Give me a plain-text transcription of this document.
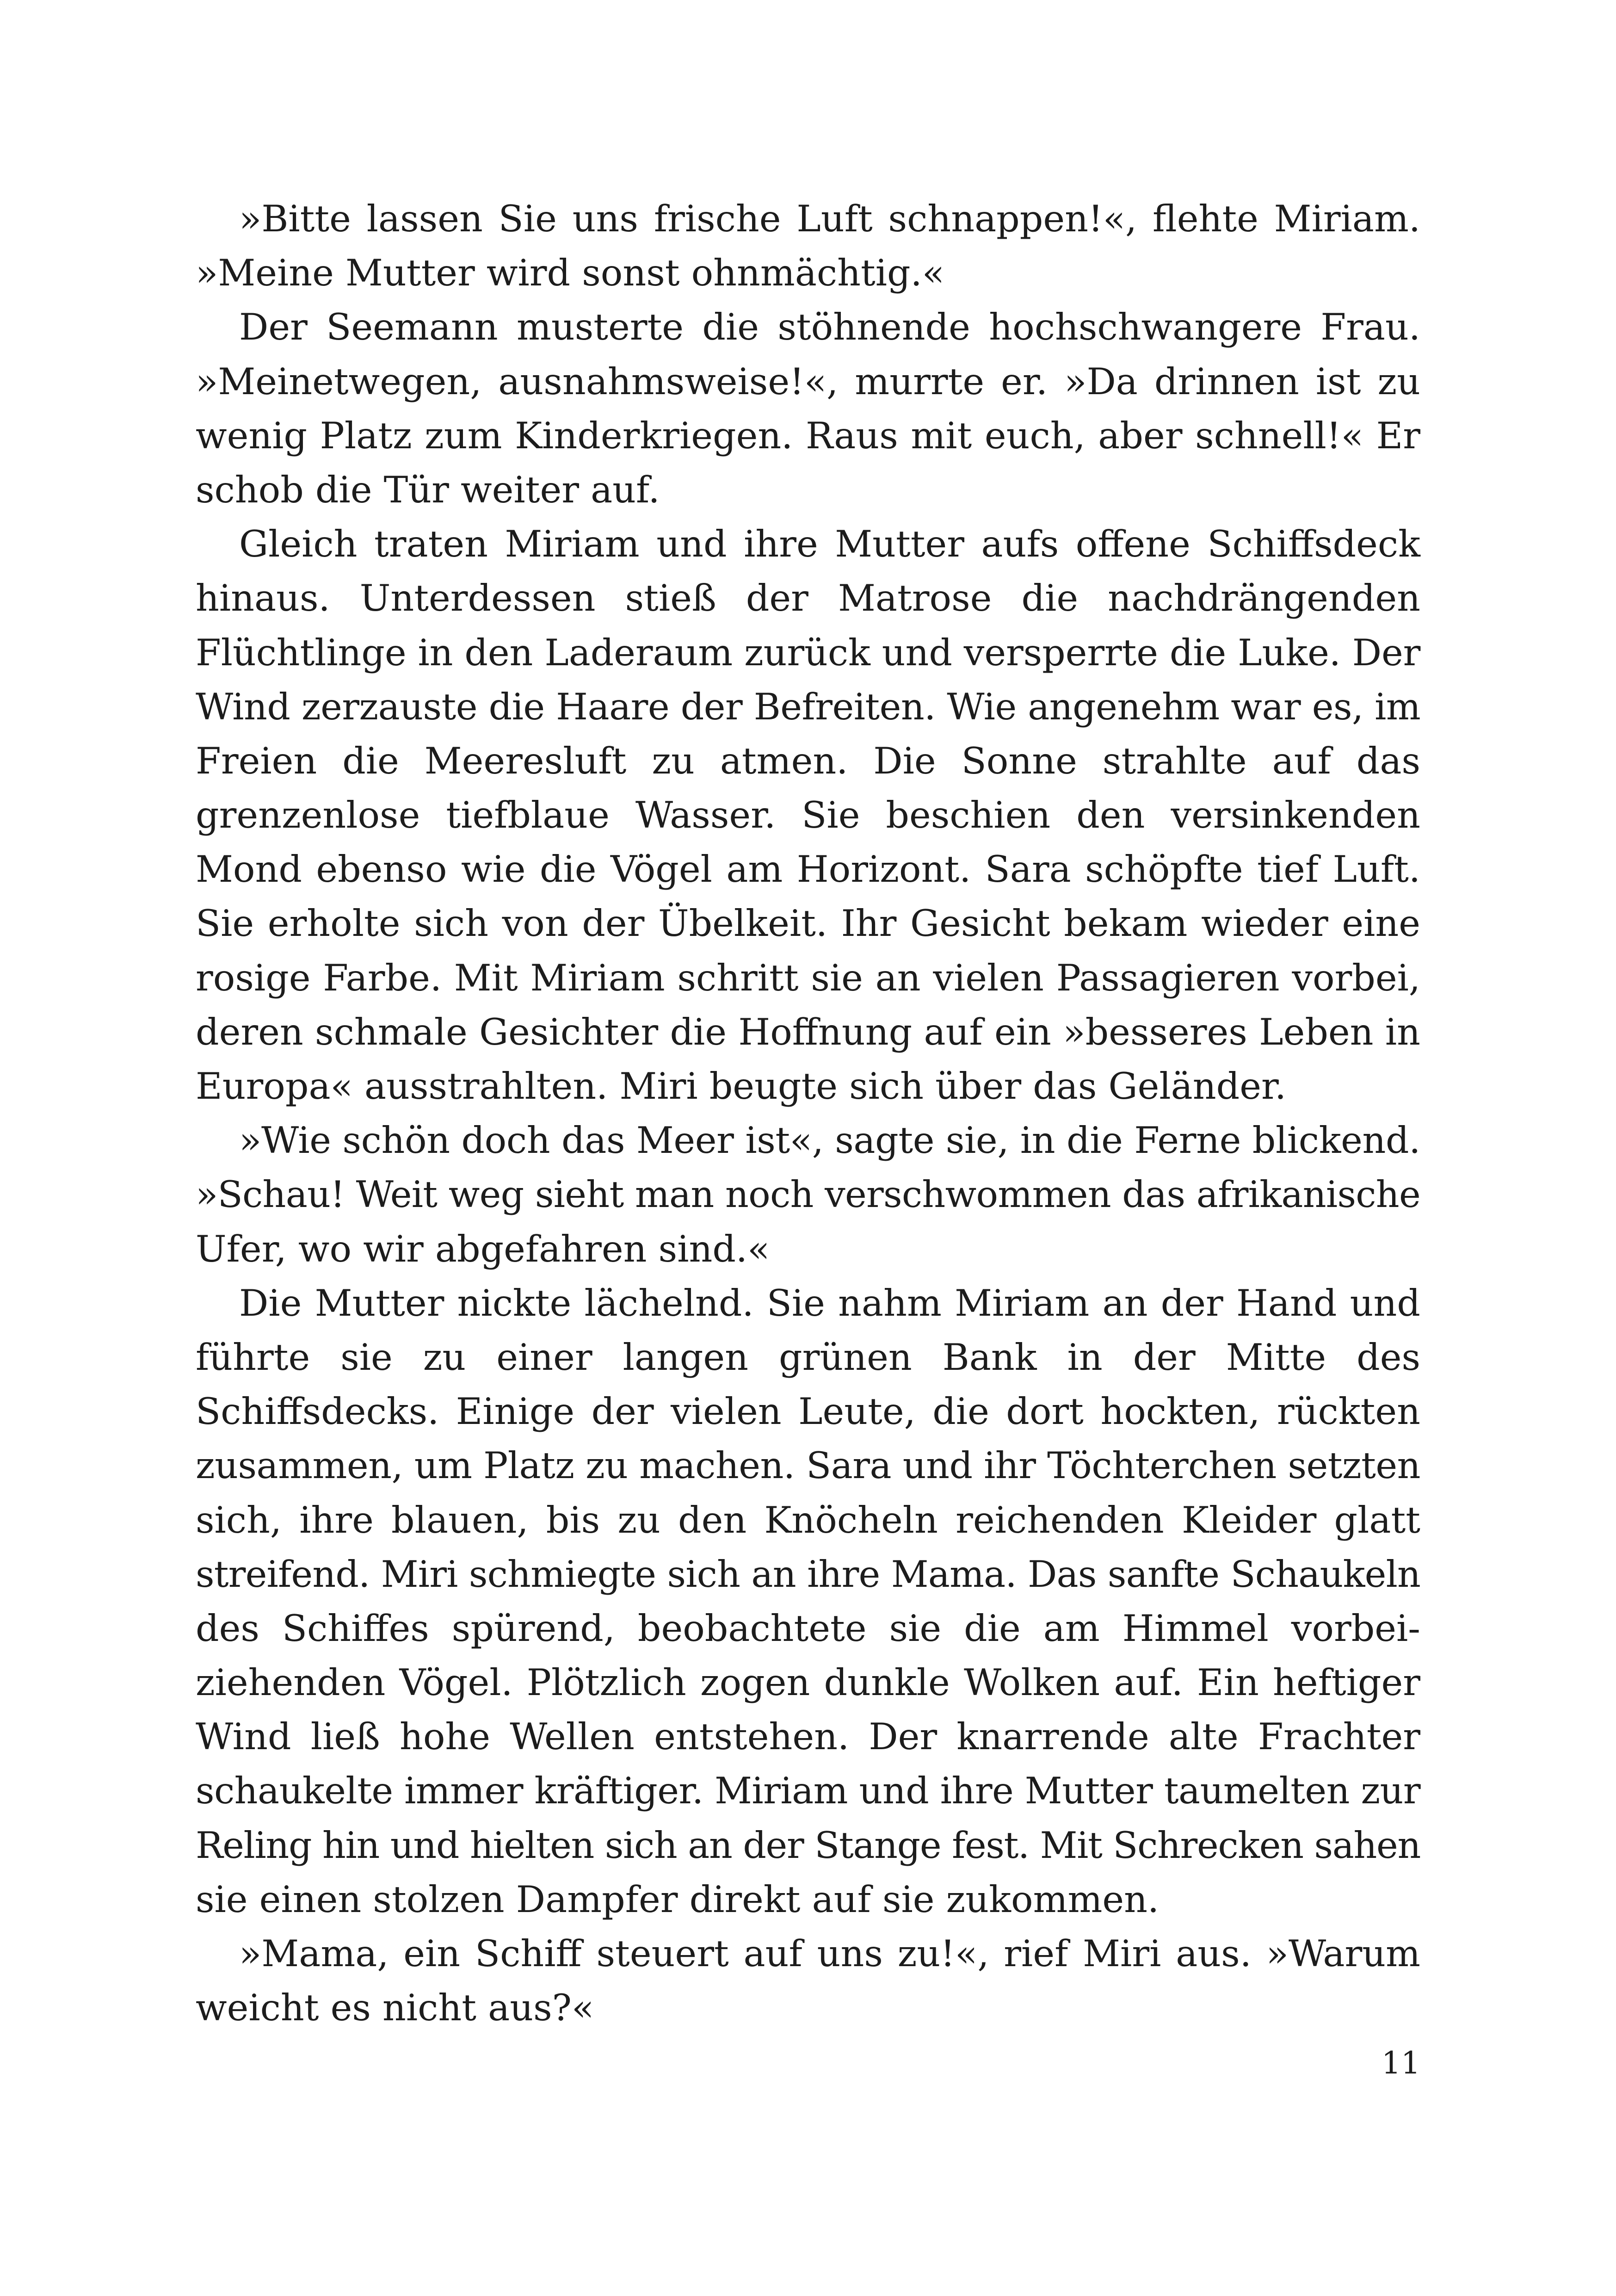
»Bitte lassen Sie uns frische Luft schnappen!«, flehte Miriam.
»Meine Mutter wird sonst ohnmächtig.«
Der Seemann musterte die stöhnende hochschwangere Frau.
»Meinetwegen, ausnahmsweise!«, murrte er. »Da drinnen ist zu
wenig Platz zum Kinderkriegen. Raus mit euch, aber schnell!« Er
schob die Tür weiter auf.
Gleich traten Miriam und ihre Mutter aufs offene Schiffsdeck
hinaus. Unterdessen stieß der Matrose die nachdrängenden
Flüchtlinge in den Laderaum zurück und versperrte die Luke. Der
Wind zerzauste die Haare der Befreiten. Wie angenehm war es, im
Freien die Meeresluft zu atmen. Die Sonne strahlte auf das
grenzenlose tiefblaue Wasser. Sie beschien den versinkenden
Mond ebenso wie die Vögel am Horizont. Sara schöpfte tief Luft.
Sie erholte sich von der Übelkeit. Ihr Gesicht bekam wieder eine
rosige Farbe. Mit Miriam schritt sie an vielen Passagieren vorbei,
deren schmale Gesichter die Hoffnung auf ein »besseres Leben in
Europa« ausstrahlten. Miri beugte sich über das Geländer.
»Wie schön doch das Meer ist«, sagte sie, in die Ferne blickend.
»Schau! Weit weg sieht man noch verschwommen das afrikanische
Ufer, wo wir abgefahren sind.«
Die Mutter nickte lächelnd. Sie nahm Miriam an der Hand und
führte sie zu einer langen grünen Bank in der Mitte des
Schiffsdecks. Einige der vielen Leute, die dort hockten, rückten
zusammen, um Platz zu machen. Sara und ihr Töchterchen setzten
sich, ihre blauen, bis zu den Knöcheln reichenden Kleider glatt
streifend. Miri schmiegte sich an ihre Mama. Das sanfte Schaukeln
des Schiffes spürend, beobachtete sie die am Himmel vorbei-
ziehenden Vögel. Plötzlich zogen dunkle Wolken auf. Ein heftiger
Wind ließ hohe Wellen entstehen. Der knarrende alte Frachter
schaukelte immer kräftiger. Miriam und ihre Mutter taumelten zur
Reling hin und hielten sich an der Stange fest. Mit Schrecken sahen
sie einen stolzen Dampfer direkt auf sie zukommen.
»Mama, ein Schiff steuert auf uns zu!«, rief Miri aus. »Warum
weicht es nicht aus?«
11
